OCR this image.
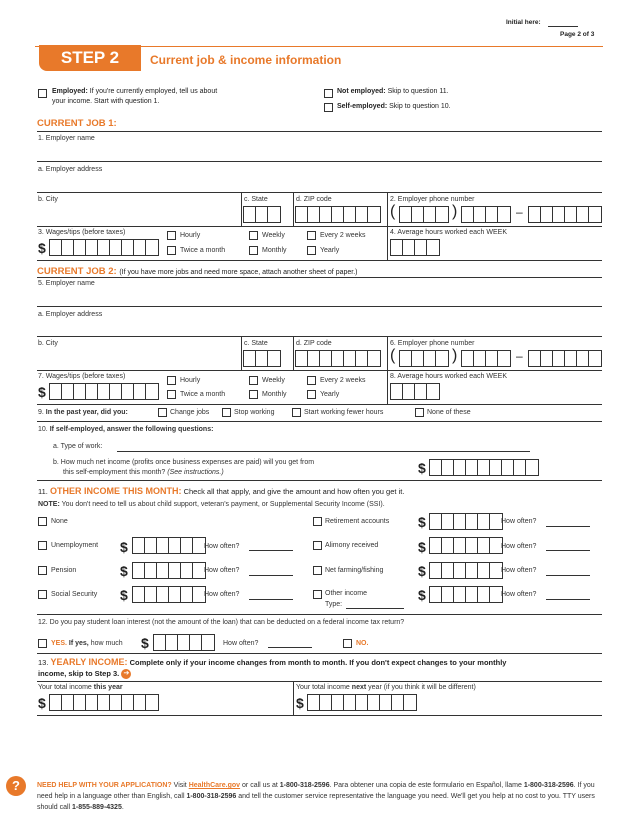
Initial here:
Page 2 of 3
STEP 2	Current job & income information
Employed: If you're currently employed, tell us about
your income. Start with question 1.
Not employed: Skip to question 11.
Self-employed: Skip to question 10.
CURRENT JOB 1:
1. Employer name
a. Employer address
b. City	c. State	d. ZIP code	2. Employer phone number
(	)	–
3. Wages/tips (before taxes)
$
Hourly	Weekly	Every 2 weeks
Twice a month	Monthly	Yearly
4. Average hours worked each WEEK
CURRENT JOB 2: (If you have more jobs and need more space, attach another sheet of paper.)
5. Employer name
a. Employer address
b. City	c. State	d. ZIP code	6. Employer phone number
(	)	–
7. Wages/tips (before taxes)
$
Hourly	Weekly	Every 2 weeks
Twice a month	Monthly	Yearly
8. Average hours worked each WEEK
9. In the past year, did you:	Change jobs	Stop working	Start working fewer hours	None of these
10. If self-employed, answer the following questions:
a. Type of work:
b. How much net income (profits once business expenses are paid) will you get from
this self-employment this month? (See instructions.)	$
11. OTHER INCOME THIS MONTH: Check all that apply, and give the amount and how often you get it.
NOTE: You don't need to tell us about child support, veteran's payment, or Supplemental Security Income (SSI).
None
Unemployment $	How often?
Pension	$	How often?
Social Security $	How often?
Retirement accounts $	How often?
Alimony received	$	How often?
Net farming/fishing $	How often?
Other income
Type:
$	How often?
12. Do you pay student loan interest (not the amount of the loan) that can be deducted on a federal income tax return?
YES. If yes, how much $	How often?	NO.
13. YEARLY INCOME: Complete only if your income changes from month to month. If you don't expect changes to your monthly
income, skip to Step 3. ➔
Your total income this year
$
Your total income next year (if you think it will be different)
$
?	NEED HELP WITH YOUR APPLICATION? Visit HealthCare.gov or call us at 1-800-318-2596. Para obtener una copia de este formulario en Español, llame 1-800-318-2596. If you need help in a language other than English, call 1-800-318-2596 and tell the customer service representative the language you need. We'll get you help at no cost to you. TTY users should call 1-855-889-4325.
